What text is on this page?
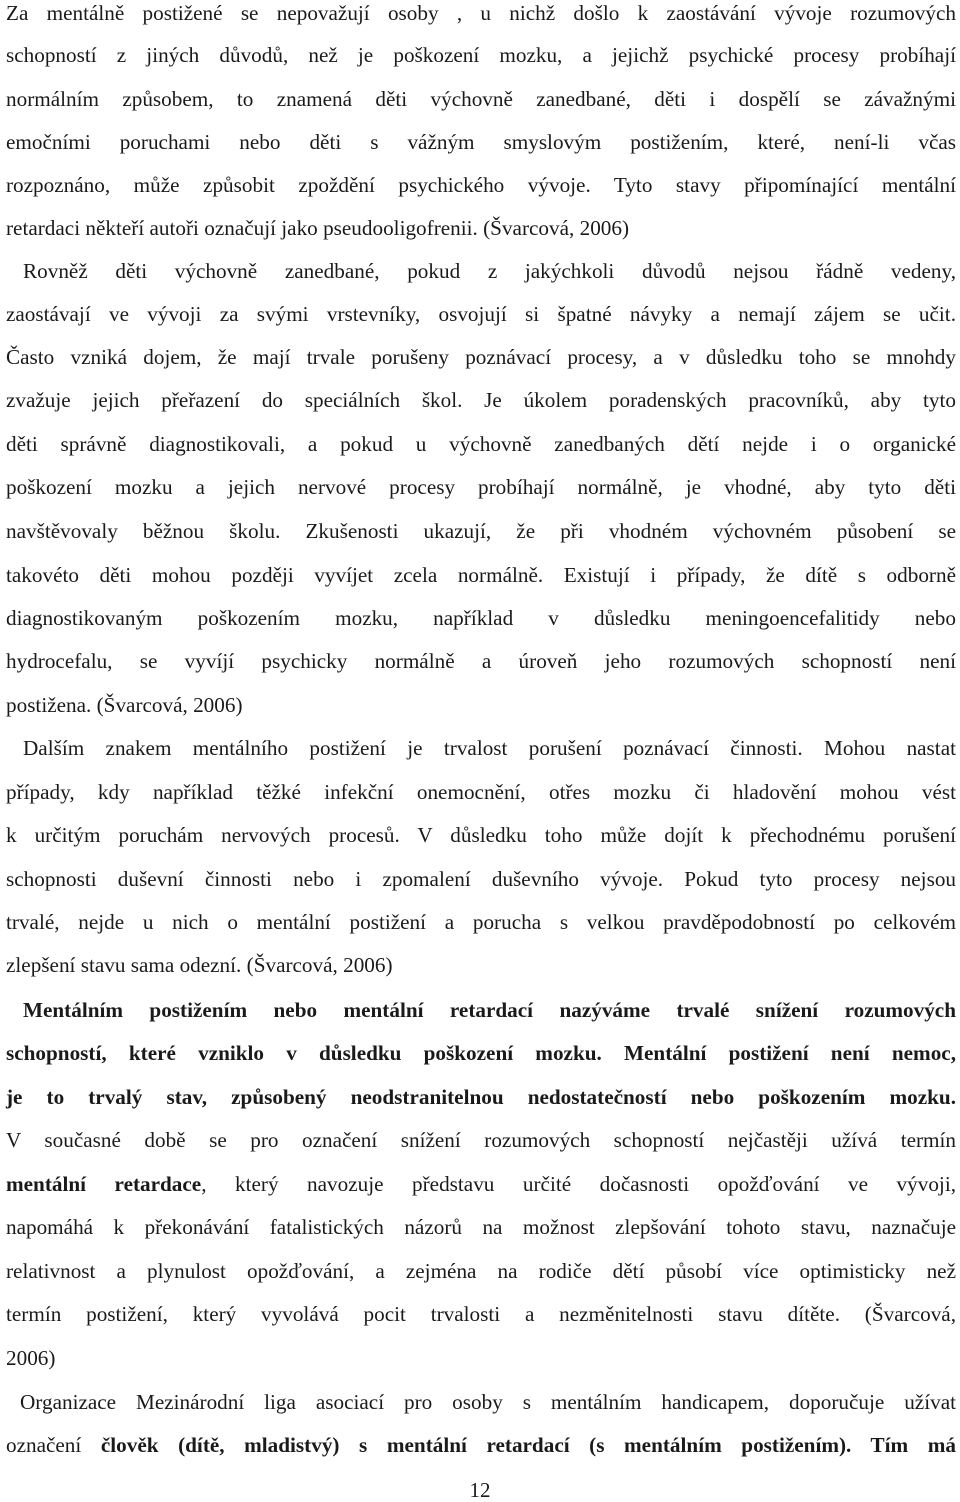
Za mentálně postižené se nepovažují osoby , u nichž došlo k zaostávání vývoje rozumových
schopností z jiných důvodů, než je poškození mozku, a jejichž psychické procesy probíhají
normálním způsobem, to znamená děti výchovně zanedbané, děti i dospělí se závažnými
emočními poruchami nebo děti s vážným smyslovým postižením, které, není-li včas
rozpoznáno, může způsobit zpoždění psychického vývoje. Tyto stavy připomínající mentální
retardaci někteří autoři označují jako pseudooligofrenii. (Švarcová, 2006)
Rovněž děti výchovně zanedbané, pokud z jakýchkoli důvodů nejsou řádně vedeny,
zaostávají ve vývoji za svými vrstevníky, osvojují si špatné návyky a nemají zájem se učit.
Často vzniká dojem, že mají trvale porušeny poznávací procesy, a v důsledku toho se mnohdy
zvažuje jejich přeřazení do speciálních škol. Je úkolem poradenských pracovníků, aby tyto
děti správně diagnostikovali, a pokud u výchovně zanedbaných dětí nejde i o organické
poškození mozku a jejich nervové procesy probíhají normálně, je vhodné, aby tyto děti
navštěvovaly běžnou školu. Zkušenosti ukazují, že při vhodném výchovném působení se
takovéto děti mohou později vyvíjet zcela normálně. Existují i případy, že dítě s odborně
diagnostikovaným poškozením mozku, například v důsledku meningoencefalitidy nebo
hydrocefalu, se vyvíjí psychicky normálně a úroveň jeho rozumových schopností není
postižena. (Švarcová, 2006)
Dalším znakem mentálního postižení je trvalost porušení poznávací činnosti. Mohou nastat
případy, kdy například těžké infekční onemocnění, otřes mozku či hladovění mohou vést
k určitým poruchám nervových procesů. V důsledku toho může dojít k přechodnému porušení
schopnosti duševní činnosti nebo i zpomalení duševního vývoje. Pokud tyto procesy nejsou
trvalé, nejde u nich o mentální postižení a porucha s velkou pravděpodobností po celkovém
zlepšení stavu sama odezní. (Švarcová, 2006)
Mentálním postižením nebo mentální retardací nazýváme trvalé snížení rozumových
schopností, které vzniklo v důsledku poškození mozku. Mentální postižení není nemoc,
je to trvalý stav, způsobený neodstranitelnou nedostatečností nebo poškozením mozku.
V současné době se pro označení snížení rozumových schopností nejčastěji užívá termín
mentální retardace, který navozuje představu určité dočasnosti opožďování ve vývoji,
napomáhá k překonávání fatalistických názorů na možnost zlepšování tohoto stavu, naznačuje
relativnost a plynulost opožďování, a zejména na rodiče dětí působí více optimisticky než
termín postižení, který vyvolává pocit trvalosti a nezměnitelnosti stavu dítěte. (Švarcová,
2006)
Organizace Mezinárodní liga asociací pro osoby s mentálním handicapem, doporučuje užívat
označení člověk (dítě, mladistvý) s mentální retardací (s mentálním postižením). Tím má
12
